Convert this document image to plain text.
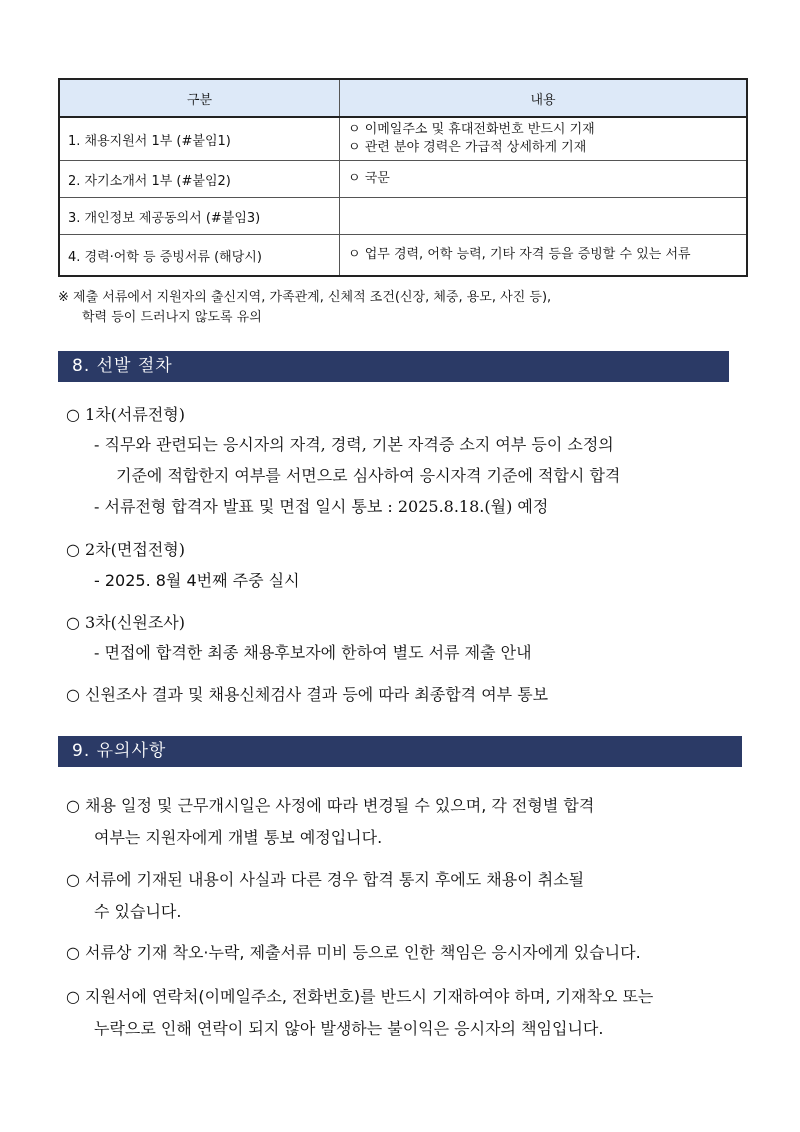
구분	내용
1. 채용지원서 1부 (#붙임1)	ㅇ 이메일주소 및 휴대전화번호 반드시 기재
ㅇ 관련 분야 경력은 가급적 상세하게 기재

2. 자기소개서 1부 (#붙임2)	ㅇ 국문

3. 개인정보 제공동의서 (#붙임3)	
4. 경력·어학 등 증빙서류 (해당시)	ㅇ 업무 경력, 어학 능력, 기타 자격 등을 증빙할 수 있는 서류
※ 제출 서류에서 지원자의 출신지역, 가족관계, 신체적 조건(신장, 체중, 용모, 사진 등),
학력 등이 드러나지 않도록 유의
8. 선발 절차
○ 1차(서류전형)
- 직무와 관련되는 응시자의 자격, 경력, 기본 자격증 소지 여부 등이 소정의
기준에 적합한지 여부를 서면으로 심사하여 응시자격 기준에 적합시 합격
- 서류전형 합격자 발표 및 면접 일시 통보 : 2025.8.18.(월) 예정
○ 2차(면접전형)
- 2025. 8월 4번째 주중 실시
○ 3차(신원조사)
- 면접에 합격한 최종 채용후보자에 한하여 별도 서류 제출 안내
○ 신원조사 결과 및 채용신체검사 결과 등에 따라 최종합격 여부 통보
9. 유의사항
○ 채용 일정 및 근무개시일은 사정에 따라 변경될 수 있으며, 각 전형별 합격
여부는 지원자에게 개별 통보 예정입니다.
○ 서류에 기재된 내용이 사실과 다른 경우 합격 통지 후에도 채용이 취소될
수 있습니다.
○ 서류상 기재 착오·누락, 제출서류 미비 등으로 인한 책임은 응시자에게 있습니다.
○ 지원서에 연락처(이메일주소, 전화번호)를 반드시 기재하여야 하며, 기재착오 또는
누락으로 인해 연락이 되지 않아 발생하는 불이익은 응시자의 책임입니다.
